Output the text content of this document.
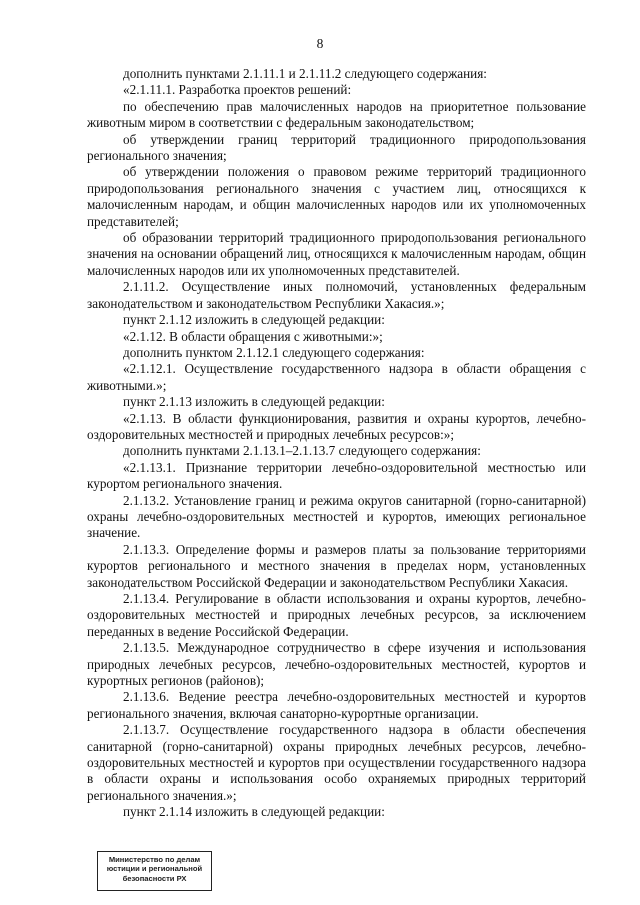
8

дополнить пунктами 2.1.11.1 и 2.1.11.2 следующего содержания:

«2.1.11.1. Разработка проектов решений:

по обеспечению прав малочисленных народов на приоритетное пользование животным миром в соответствии с федеральным законодательством;

об утверждении границ территорий традиционного природопользования регионального значения;

об утверждении положения о правовом режиме территорий традиционного природопользования регионального значения с участием лиц, относящихся к малочисленным народам, и общин малочисленных народов или их уполномоченных представителей;

об образовании территорий традиционного природопользования регионального значения на основании обращений лиц, относящихся к малочисленным народам, общин малочисленных народов или их уполномоченных представителей.

2.1.11.2. Осуществление иных полномочий, установленных федеральным законодательством и законодательством Республики Хакасия.»;

пункт 2.1.12 изложить в следующей редакции:

«2.1.12. В области обращения с животными:»;

дополнить пунктом 2.1.12.1 следующего содержания:

«2.1.12.1. Осуществление государственного надзора в области обращения с животными.»;

пункт 2.1.13 изложить в следующей редакции:

«2.1.13. В области функционирования, развития и охраны курортов, лечебно-оздоровительных местностей и природных лечебных ресурсов:»;

дополнить пунктами 2.1.13.1–2.1.13.7 следующего содержания:

«2.1.13.1. Признание территории лечебно-оздоровительной местностью или курортом регионального значения.

2.1.13.2. Установление границ и режима округов санитарной (горно-санитарной) охраны лечебно-оздоровительных местностей и курортов, имеющих региональное значение.

2.1.13.3. Определение формы и размеров платы за пользование территориями курортов регионального и местного значения в пределах норм, установленных законодательством Российской Федерации и законодательством Республики Хакасия.

2.1.13.4. Регулирование в области использования и охраны курортов, лечебно-оздоровительных местностей и природных лечебных ресурсов, за исключением переданных в ведение Российской Федерации.

2.1.13.5. Международное сотрудничество в сфере изучения и использования природных лечебных ресурсов, лечебно-оздоровительных местностей, курортов и курортных регионов (районов);

2.1.13.6. Ведение реестра лечебно-оздоровительных местностей и курортов регионального значения, включая санаторно-курортные организации.

2.1.13.7. Осуществление государственного надзора в области обеспечения санитарной (горно-санитарной) охраны природных лечебных ресурсов, лечебно-оздоровительных местностей и курортов при осуществлении государственного надзора в области охраны и использования особо охраняемых природных территорий регионального значения.»;

пункт 2.1.14 изложить в следующей редакции:

Министерство по делам
юстиции и региональной
безопасности РХ
